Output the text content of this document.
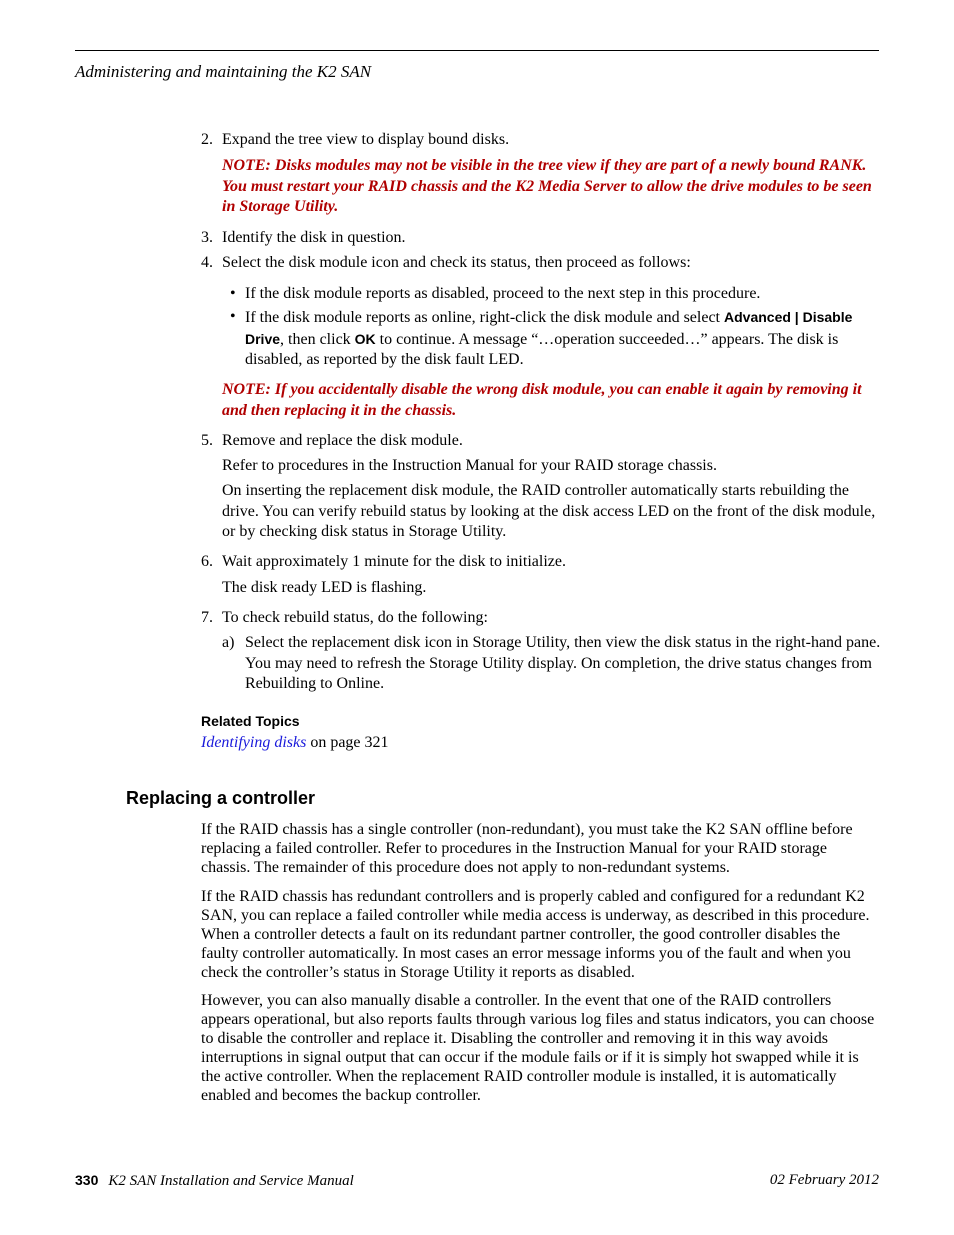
Administering and maintaining the K2 SAN
2. Expand the tree view to display bound disks.
NOTE: Disks modules may not be visible in the tree view if they are part of a newly bound RANK. You must restart your RAID chassis and the K2 Media Server to allow the drive modules to be seen in Storage Utility.
3. Identify the disk in question.
4. Select the disk module icon and check its status, then proceed as follows:
• If the disk module reports as disabled, proceed to the next step in this procedure.
• If the disk module reports as online, right-click the disk module and select Advanced | Disable Drive, then click OK to continue. A message “…operation succeeded…” appears. The disk is disabled, as reported by the disk fault LED.
NOTE: If you accidentally disable the wrong disk module, you can enable it again by removing it and then replacing it in the chassis.
5. Remove and replace the disk module.
Refer to procedures in the Instruction Manual for your RAID storage chassis.
On inserting the replacement disk module, the RAID controller automatically starts rebuilding the drive. You can verify rebuild status by looking at the disk access LED on the front of the disk module, or by checking disk status in Storage Utility.
6. Wait approximately 1 minute for the disk to initialize.
The disk ready LED is flashing.
7. To check rebuild status, do the following:
a) Select the replacement disk icon in Storage Utility, then view the disk status in the right-hand pane. You may need to refresh the Storage Utility display. On completion, the drive status changes from Rebuilding to Online.
Related Topics
Identifying disks on page 321
Replacing a controller
If the RAID chassis has a single controller (non-redundant), you must take the K2 SAN offline before replacing a failed controller. Refer to procedures in the Instruction Manual for your RAID storage chassis. The remainder of this procedure does not apply to non-redundant systems.
If the RAID chassis has redundant controllers and is properly cabled and configured for a redundant K2 SAN, you can replace a failed controller while media access is underway, as described in this procedure. When a controller detects a fault on its redundant partner controller, the good controller disables the faulty controller automatically. In most cases an error message informs you of the fault and when you check the controller’s status in Storage Utility it reports as disabled.
However, you can also manually disable a controller. In the event that one of the RAID controllers appears operational, but also reports faults through various log files and status indicators, you can choose to disable the controller and replace it. Disabling the controller and removing it in this way avoids interruptions in signal output that can occur if the module fails or if it is simply hot swapped while it is the active controller. When the replacement RAID controller module is installed, it is automatically enabled and becomes the backup controller.
330 K2 SAN Installation and Service Manual	02 February 2012
